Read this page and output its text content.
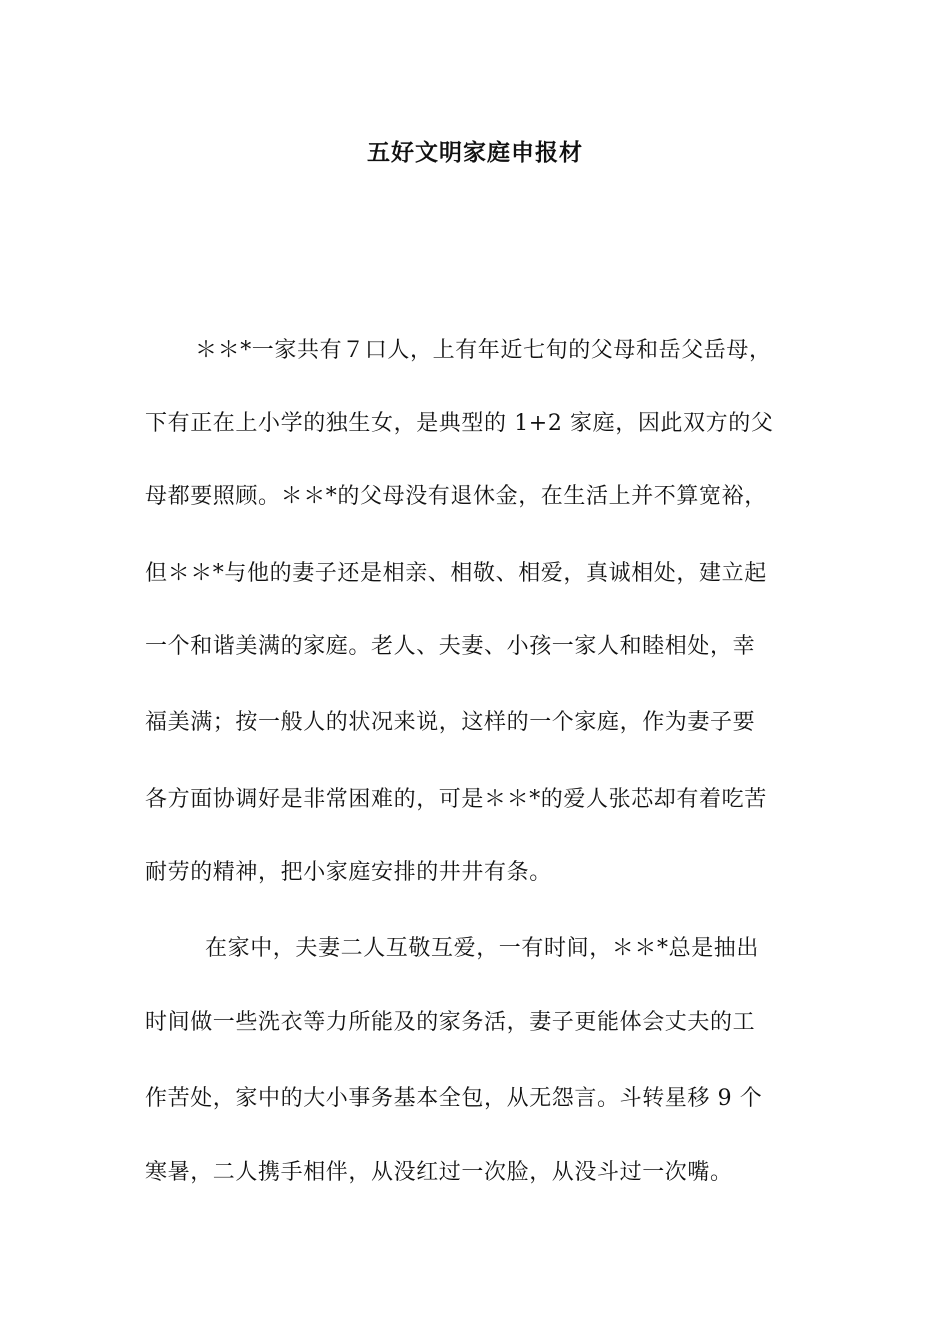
五好文明家庭申报材
＊＊*一家共有７口人，上有年近七旬的父母和岳父岳母，
下有正在上小学的独生女，是典型的 1+2 家庭，因此双方的父
母都要照顾。＊＊*的父母没有退休金，在生活上并不算宽裕，
但＊＊*与他的妻子还是相亲、相敬、相爱，真诚相处，建立起
一个和谐美满的家庭。老人、夫妻、小孩一家人和睦相处，幸
福美满；按一般人的状况来说，这样的一个家庭，作为妻子要
各方面协调好是非常困难的，可是＊＊*的爱人张芯却有着吃苦
耐劳的精神，把小家庭安排的井井有条。
在家中，夫妻二人互敬互爱，一有时间，＊＊*总是抽出
时间做一些洗衣等力所能及的家务活，妻子更能体会丈夫的工
作苦处，家中的大小事务基本全包，从无怨言。斗转星移 9 个
寒暑，二人携手相伴，从没红过一次脸，从没斗过一次嘴。
